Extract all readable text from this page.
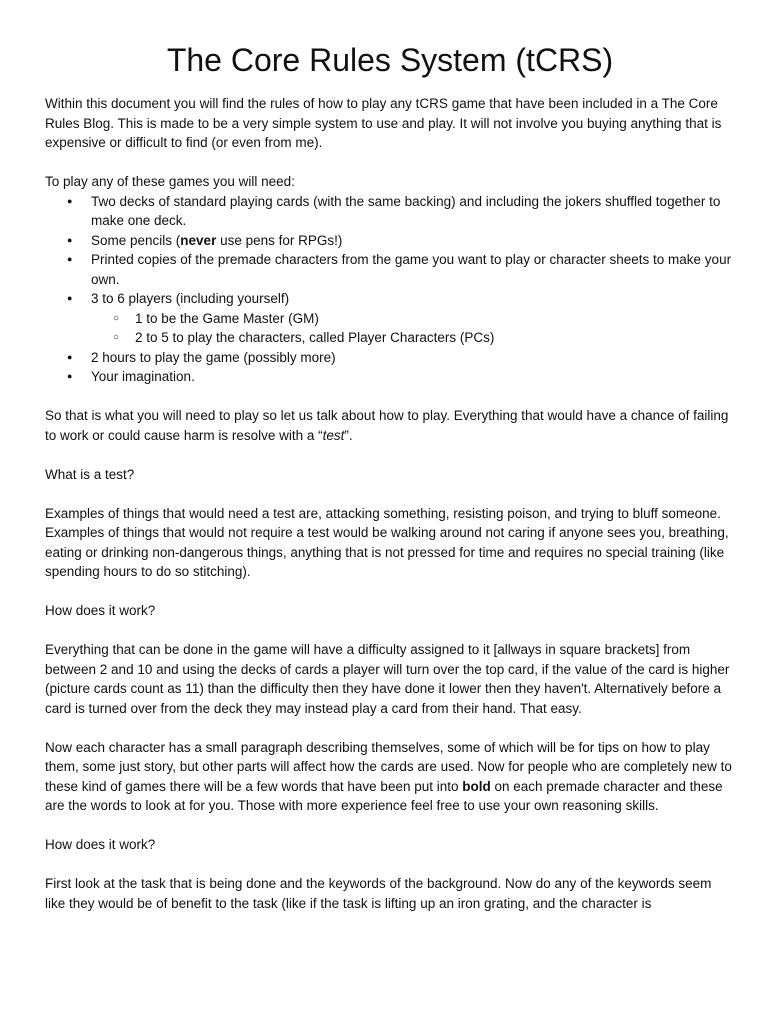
The Core Rules System (tCRS)

Within this document you will find the rules of how to play any tCRS game that have been included in a The Core Rules Blog. This is made to be a very simple system to use and play. It will not involve you buying anything that is expensive or difficult to find (or even from me).

To play any of these games you will need:

● Two decks of standard playing cards (with the same backing) and including the jokers shuffled together to make one deck.
● Some pencils (never use pens for RPGs!)
● Printed copies of the premade characters from the game you want to play or character sheets to make your own.
● 3 to 6 players (including yourself)
○ 1 to be the Game Master (GM)
○ 2 to 5 to play the characters, called Player Characters (PCs)
● 2 hours to play the game (possibly more)
● Your imagination.

So that is what you will need to play so let us talk about how to play. Everything that would have a chance of failing to work or could cause harm is resolve with a “test”.

What is a test?

Examples of things that would need a test are, attacking something, resisting poison, and trying to bluff someone. Examples of things that would not require a test would be walking around not caring if anyone sees you, breathing, eating or drinking non-dangerous things, anything that is not pressed for time and requires no special training (like spending hours to do so stitching).

How does it work?

Everything that can be done in the game will have a difficulty assigned to it [allways in square brackets] from between 2 and 10 and using the decks of cards a player will turn over the top card, if the value of the card is higher (picture cards count as 11) than the difficulty then they have done it lower then they haven't. Alternatively before a card is turned over from the deck they may instead play a card from their hand. That easy.

Now each character has a small paragraph describing themselves, some of which will be for tips on how to play them, some just story, but other parts will affect how the cards are used. Now for people who are completely new to these kind of games there will be a few words that have been put into bold on each premade character and these are the words to look at for you. Those with more experience feel free to use your own reasoning skills.

How does it work?

First look at the task that is being done and the keywords of the background. Now do any of the keywords seem like they would be of benefit to the task (like if the task is lifting up an iron grating, and the character is
